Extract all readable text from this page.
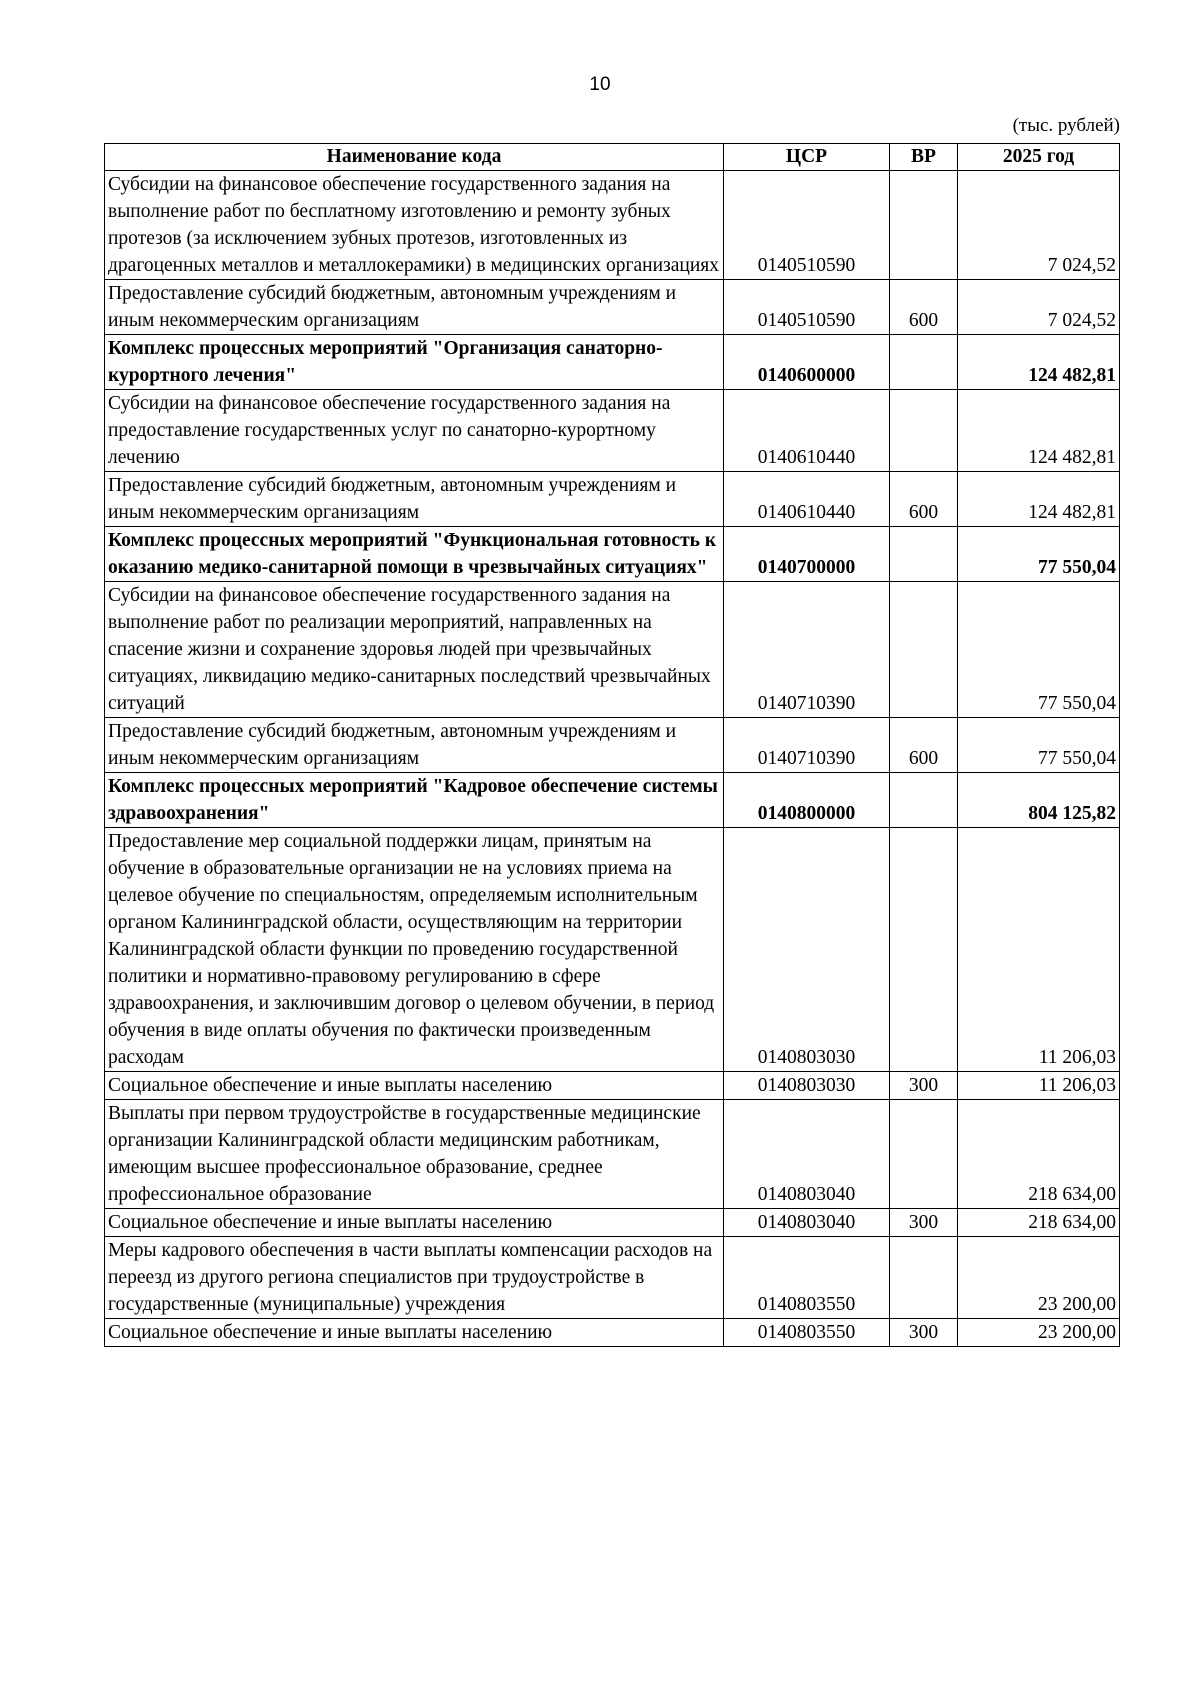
10
(тыс. рублей)
Наименование кода	ЦСР	ВР	2025 год
Субсидии на финансовое обеспечение государственного задания на выполнение работ по бесплатному изготовлению и ремонту зубных протезов (за исключением зубных протезов, изготовленных из драгоценных металлов и металлокерамики) в медицинских организациях	0140510590		7 024,52
Предоставление субсидий бюджетным, автономным учреждениям и иным некоммерческим организациям	0140510590	600	7 024,52
Комплекс процессных мероприятий "Организация санаторно-курортного лечения"	0140600000		124 482,81
Субсидии на финансовое обеспечение государственного задания на предоставление государственных услуг по санаторно-курортному лечению	0140610440		124 482,81
Предоставление субсидий бюджетным, автономным учреждениям и иным некоммерческим организациям	0140610440	600	124 482,81
Комплекс процессных мероприятий "Функциональная готовность к оказанию медико-санитарной помощи в чрезвычайных ситуациях"	0140700000		77 550,04
Субсидии на финансовое обеспечение государственного задания на выполнение работ по реализации мероприятий, направленных на спасение жизни и сохранение здоровья людей при чрезвычайных ситуациях, ликвидацию медико-санитарных последствий чрезвычайных ситуаций	0140710390		77 550,04
Предоставление субсидий бюджетным, автономным учреждениям и иным некоммерческим организациям	0140710390	600	77 550,04
Комплекс процессных мероприятий "Кадровое обеспечение системы здравоохранения"	0140800000		804 125,82
Предоставление мер социальной поддержки лицам, принятым на обучение в образовательные организации не на условиях приема на целевое обучение по специальностям, определяемым исполнительным органом Калининградской области, осуществляющим на территории Калининградской области функции по проведению государственной политики и нормативно-правовому регулированию в сфере здравоохранения, и заключившим договор о целевом обучении, в период обучения в виде оплаты обучения по фактически произведенным расходам	0140803030		11 206,03
Социальное обеспечение и иные выплаты населению	0140803030	300	11 206,03
Выплаты при первом трудоустройстве в государственные медицинские организации Калининградской области медицинским работникам, имеющим высшее профессиональное образование, среднее профессиональное образование	0140803040		218 634,00
Социальное обеспечение и иные выплаты населению	0140803040	300	218 634,00
Меры кадрового обеспечения в части выплаты компенсации расходов на переезд из другого региона специалистов при трудоустройстве в государственные (муниципальные) учреждения	0140803550		23 200,00
Социальное обеспечение и иные выплаты населению	0140803550	300	23 200,00
